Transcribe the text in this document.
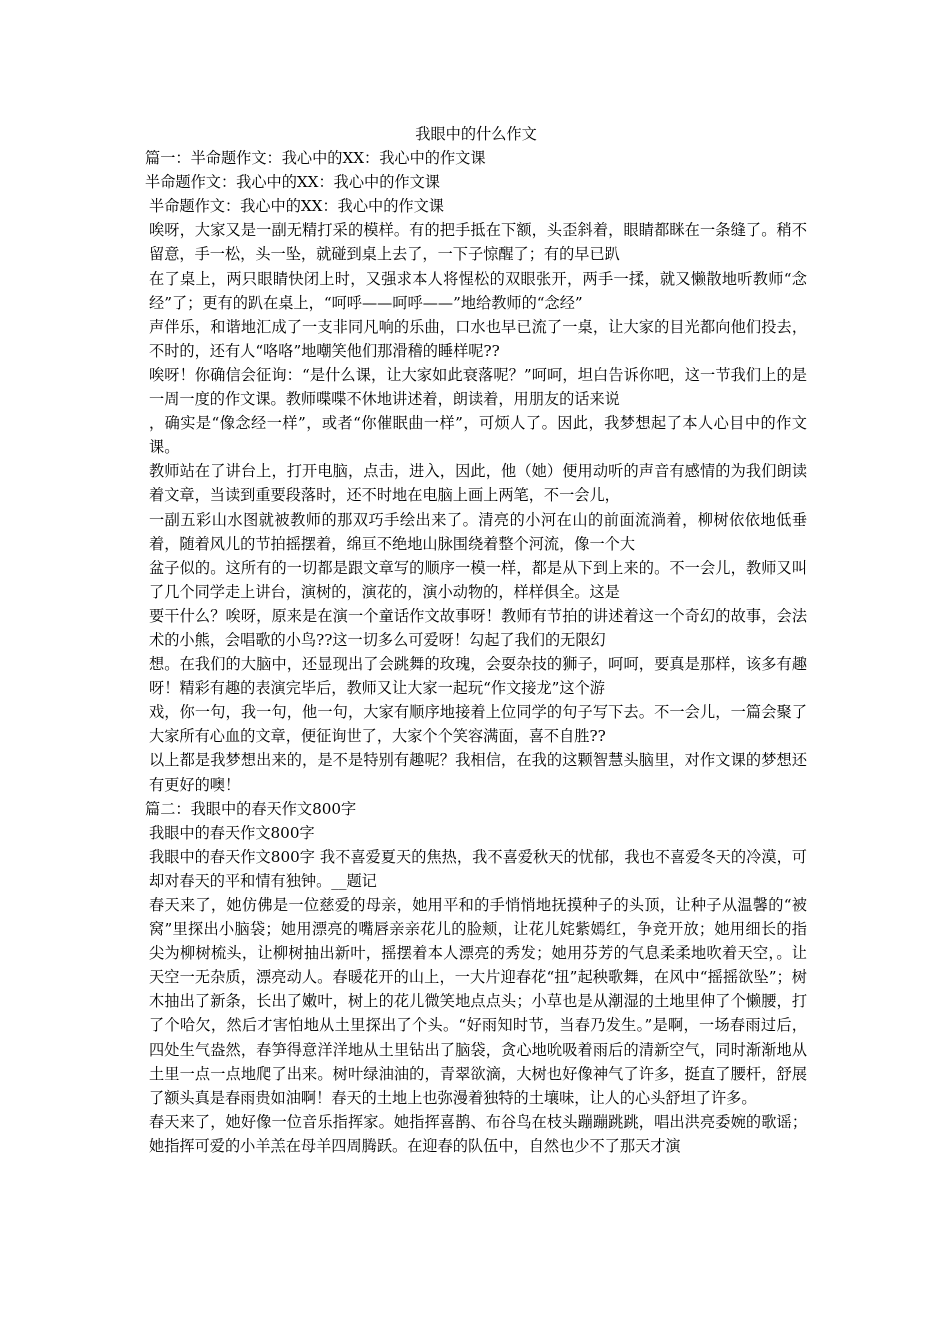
我眼中的什么作文

篇一：半命题作文：我心中的XX：我心中的作文课

半命题作文：我心中的XX：我心中的作文课

半命题作文：我心中的XX：我心中的作文课

唉呀，大家又是一副无精打采的模样。有的把手抵在下额，头歪斜着，眼睛都眯在一条缝了。稍不留意，手一松，头一坠，就碰到桌上去了，一下子惊醒了；有的早已趴

在了桌上，两只眼睛快闭上时，又强求本人将惺松的双眼张开，两手一揉，就又懒散地听教师“念经”了；更有的趴在桌上，“呵呼——呵呼——”地给教师的“念经”

声伴乐，和谐地汇成了一支非同凡响的乐曲，口水也早已流了一桌，让大家的目光都向他们投去，不时的，还有人“咯咯”地嘲笑他们那滑稽的睡样呢??

唉呀！你确信会征询：“是什么课，让大家如此衰落呢？”呵呵，坦白告诉你吧，这一节我们上的是一周一度的作文课。教师喋喋不休地讲述着，朗读着，用朋友的话来说

，确实是“像念经一样”，或者“你催眠曲一样”，可烦人了。因此，我梦想起了本人心目中的作文课。

教师站在了讲台上，打开电脑，点击，进入，因此，他（她）便用动听的声音有感情的为我们朗读着文章，当读到重要段落时，还不时地在电脑上画上两笔，不一会儿，

一副五彩山水图就被教师的那双巧手绘出来了。清亮的小河在山的前面流淌着，柳树依依地低垂着，随着风儿的节拍摇摆着，绵亘不绝地山脉围绕着整个河流，像一个大

盆子似的。这所有的一切都是跟文章写的顺序一模一样，都是从下到上来的。不一会儿，教师又叫了几个同学走上讲台，演树的，演花的，演小动物的，样样俱全。这是

要干什么？唉呀，原来是在演一个童话作文故事呀！教师有节拍的讲述着这一个奇幻的故事，会法术的小熊，会唱歌的小鸟??这一切多么可爱呀！勾起了我们的无限幻

想。在我们的大脑中，还显现出了会跳舞的玫瑰，会耍杂技的狮子，呵呵，要真是那样，该多有趣呀！精彩有趣的表演完毕后，教师又让大家一起玩“作文接龙”这个游

戏，你一句，我一句，他一句，大家有顺序地接着上位同学的句子写下去。不一会儿，一篇会聚了大家所有心血的文章，便征询世了，大家个个笑容满面，喜不自胜??

以上都是我梦想出来的，是不是特别有趣呢？我相信，在我的这颗智慧头脑里，对作文课的梦想还有更好的噢！

篇二：我眼中的春天作文800字

我眼中的春天作文800字

我眼中的春天作文800字 我不喜爱夏天的焦热，我不喜爱秋天的忧郁，我也不喜爱冬天的冷漠，可却对春天的平和情有独钟。__题记

春天来了，她仿佛是一位慈爱的母亲，她用平和的手悄悄地抚摸种子的头顶，让种子从温馨的“被窝”里探出小脑袋；她用漂亮的嘴唇亲亲花儿的脸颊，让花儿姹紫嫣红，争竞开放；她用细长的指尖为柳树梳头，让柳树抽出新叶，摇摆着本人漂亮的秀发；她用芬芳的气息柔柔地吹着天空，。让天空一无杂质，漂亮动人。春暖花开的山上，一大片迎春花“扭”起秧歌舞，在风中“摇摇欲坠”；树木抽出了新条，长出了嫩叶，树上的花儿微笑地点点头；小草也是从潮湿的土地里伸了个懒腰，打了个哈欠，然后才害怕地从土里探出了个头。“好雨知时节，当春乃发生。”是啊，一场春雨过后，四处生气盎然，春笋得意洋洋地从土里钻出了脑袋，贪心地吮吸着雨后的清新空气，同时渐渐地从土里一点一点地爬了出来。树叶绿油油的，青翠欲滴，大树也好像神气了许多，挺直了腰杆，舒展了额头真是春雨贵如油啊！春天的土地上也弥漫着独特的土壤味，让人的心头舒坦了许多。

春天来了，她好像一位音乐指挥家。她指挥喜鹊、布谷鸟在枝头蹦蹦跳跳，唱出洪亮委婉的歌谣；她指挥可爱的小羊羔在母羊四周腾跃。在迎春的队伍中，自然也少不了那天才演
